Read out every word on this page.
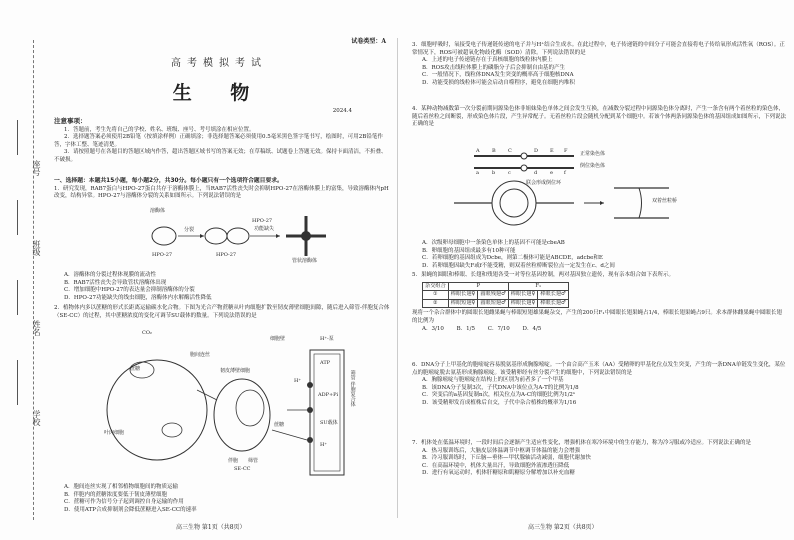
座号
班级
姓名
学校
试卷类型：A
高考模拟考试
生 物
2024.4
注意事项：
1．答题前，考生先将自己的学校、姓名、班级、座号、考号填涂在相应位置。
2．选择题答案必须使用2B铅笔（按填涂样例）正确填涂；非选择题答案必须使用0.5毫米黑色签字笔书写，绘图时，可用2B铅笔作答，字体工整、笔迹清楚。
3．请按照题号在各题目的答题区域内作答，超出答题区域书写的答案无效；在草稿纸、试题卷上答题无效。保持卡面清洁，不折叠、不破损。
一、选择题：本题共15小题，每小题2分，共30分。每小题只有一个选项符合题目要求。
1．研究发现，RAB7蛋白与HPO-27蛋白共存于溶酶体膜上，当RAB7活性丧失时会抑制HPO-27在溶酶体膜上的富集，导致溶酶体内pH改变，结构异常。HPO-27与溶酶体分裂的关系如图所示。下列说法错误的是
溶酶体
分裂
HPO-27	HPO-27
HPO-27
功能缺失
管状溶酶体
A．溶酶体的分裂过程体现膜的流动性
B．RAB7活性丧失会导致管状溶酶体出现
C．增加细胞中HPO-27的表达量会抑制溶酶体的分裂
D．HPO-27功能缺失的线虫细胞，溶酶体内水解酶活性降低
2．植物体内多以蔗糖的形式长距离运输碳水化合物。下图为光合产物蔗糖从叶肉细胞扩散至韧皮薄壁细胞间隙，随后进入筛管-伴胞复合体（SE-CC）的过程，其中蔗糖浓度的变化可调节SU载体的数量。下列说法错误的是
CO₂
蔗糖
胞间连丝
韧皮薄壁细胞
叶肉细胞
伴胞 筛管
SE-CC
细胞壁	H⁺-泵
ATP
H⁺
ADP+Pi
SU载体
蔗糖
H⁺
筛管 伴胞复合体
A．胞间连丝实现了相邻植物细胞间的物质运输
B．伴胞内的蔗糖浓度要低于韧皮薄壁细胞
C．蔗糖可作为信号分子起到调控自身运输的作用
D．使用ATP合成抑制剂会降低蔗糖进入SE-CC的速率
高三生物 第1页（共8页）
3．细胞呼吸时，氧接受电子传递链传递的电子并与H⁺结合生成水。在此过程中，电子传递链的中间分子可能会直接将电子传给氧形成活性氧（ROS）。正常情况下，ROS可被超氧化物歧化酶（SOD）清除。下列说法错误的是
A．上述的电子传递链存在于真核细胞的线粒体内膜上
B．ROS攻击线粒体膜上的磷脂分子后会抑制自由基的产生
C．一般情况下，线粒体DNA发生突变的概率高于细胞核DNA
D．功能受损的线粒体可能会启动自噬程序，避免在细胞内堆积
4．某种动物减数第一次分裂前期同源染色体非姐妹染色单体之间会发生互换，在减数分裂过程中同源染色体分离时，产生一条含有两个着丝粒的染色体，随后着丝粒之间断裂，形成染色体片段，产生异常配子。无着丝粒片段会随机分配到某个细胞中。若该个体两条同源染色体的基因组成如图所示，下列说法正确的是
A B C	D E F
a	b	c	d	e f
正常染色体
倒位染色体
联会形成倒位环
双着丝粒桥
A．次级卵母细胞中一条染色单体上的基因不可能是cbeAB
B．卵细胞的基因组成最多有10种可能
C．若卵细胞的基因组成为Dcbe，则第二极体可能是ABCDE，adcbe和E
D．若卵细胞因缺失F或f不能受精，则双着丝粒桥断裂位点一定发生在c、d之间
5．果蝇的圆眼和棒眼、长翅和残翅各受一对等位基因控制，两对基因独立遗传，现有亲本组合如下表所示。
杂交组合	P		F₁	
①	棒眼长翅♀	圆眼残翅♂	棒眼长翅♀	棒眼长翅♂
②	棒眼短翅♀	圆眼短翅♂	棒眼长翅♀	棒眼长翅♂
现将一个杂合群体中的圆眼长翅雌果蝇与棒眼短翅雄果蝇杂交，产生的200只F₁中圆眼长翅果蝇占1/4，棒眼长翅果蝇占9只。求本群体雌果蝇中圆眼长翅的比例为
A．3/10   B．1/5   C．7/10   D．4/5
6．DNA分子上甲基化的胞嘧啶容易脱氨基形成胸腺嘧啶。一个由合高产玉米（AA）受精卵的甲基化位点发生突变，产生的一条DNA单链发生变化，某位点的胞嘧啶脱去氨基形成胸腺嘧啶。该受精卵经有丝分裂产生的细胞中，下列说法错误的是
A．胸腺嘧啶与胞嘧啶在结构上的区别为前者多了一个甲基
B．该DNA分子复制3次，子代DNA中该位点为A-T的比例为1/8
C．突变后的a基因复制n次，相关位点为A-C的细胞比例为1/2ⁿ
D．该受精卵发育成植株后自交，子代中杂合植株的概率为1/16
7．机体处在低温环境时，一段时间后会逐渐产生适应性变化，增强机体在寒冷环境中的生存能力，称为冷习服或冷适应。下列说法正确的是
A．热习服训练后，大脑皮层体温调节中枢调节体温的能力会增强
B．冷习服训练时，下丘脑—垂体—甲状腺轴活动减弱，细胞代谢加快
C．在高温环境中，机体大量出汗，导致细胞外液渗透压降低
D．进行有氧运动时，机体肝糖原和肌糖原分解增加以补充血糖
高三生物 第2页（共8页）
